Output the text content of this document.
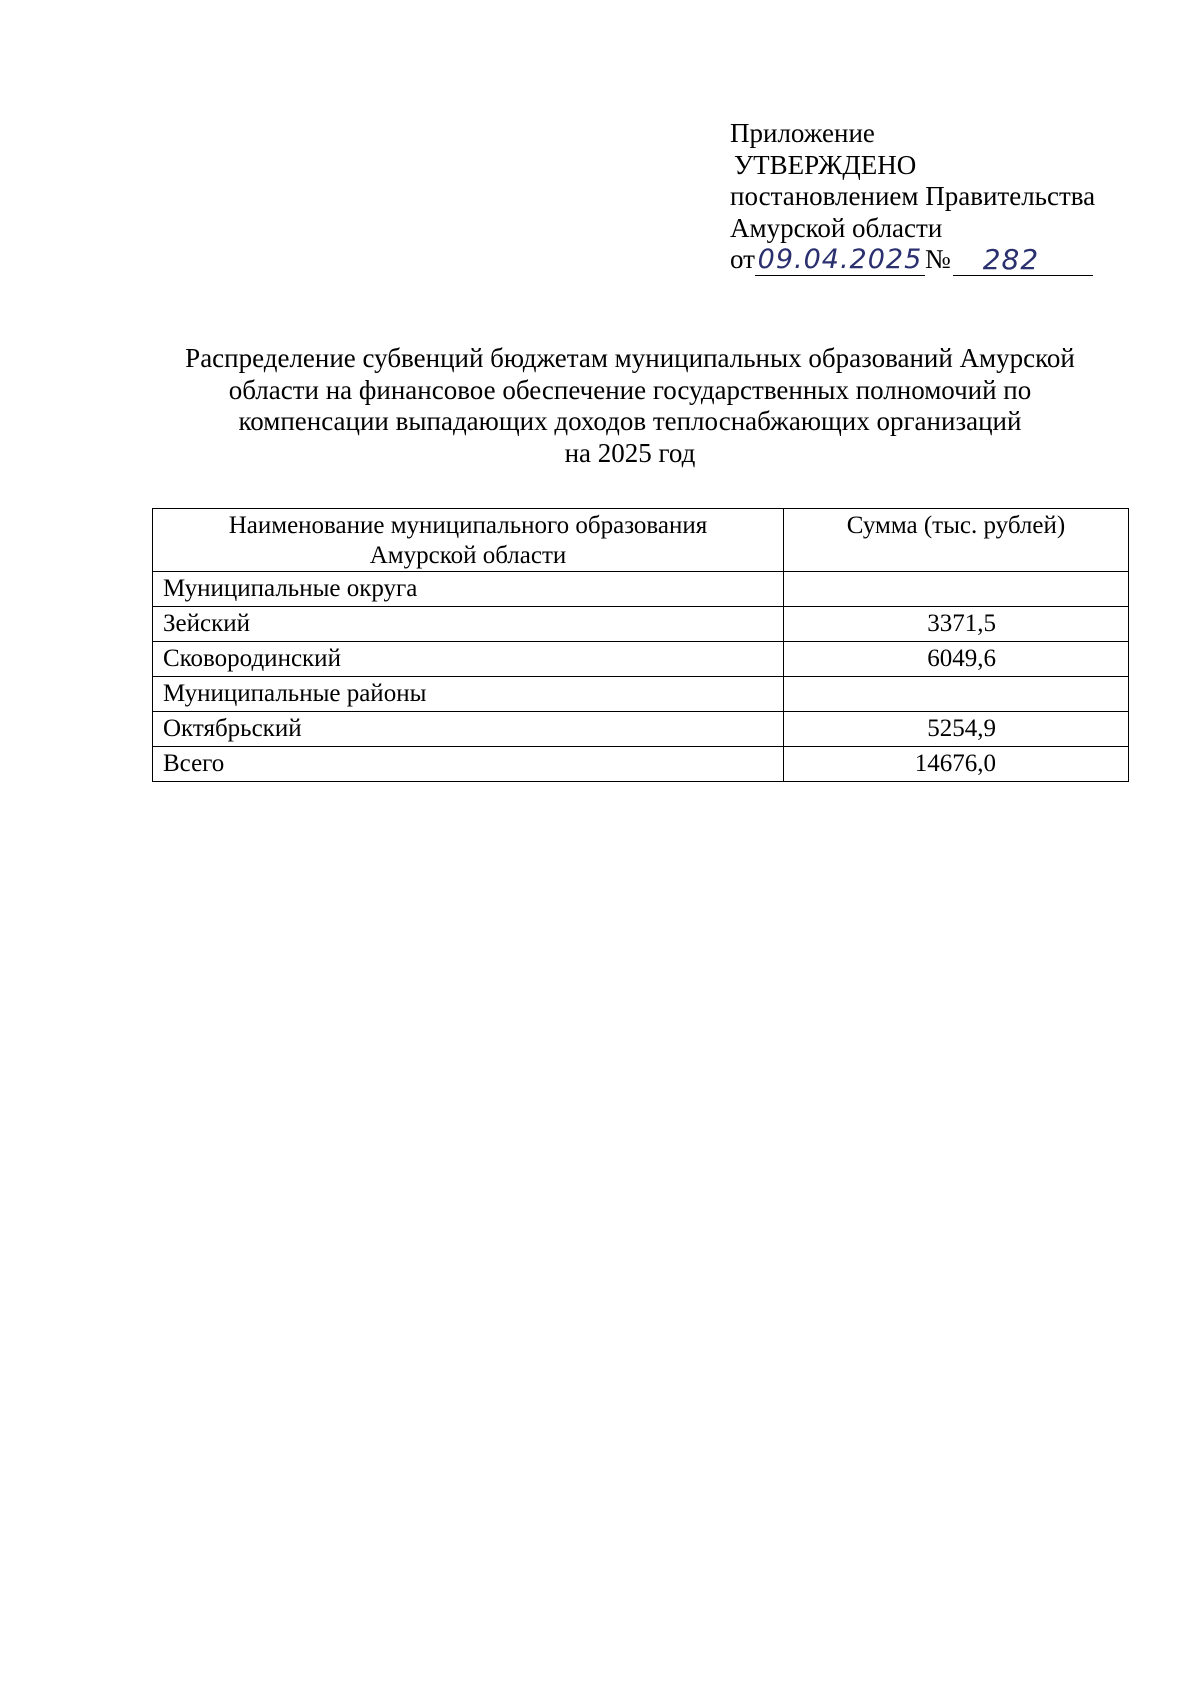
Приложение
УТВЕРЖДЕНО
постановлением Правительства
Амурской области
от 09.04.2025 №	282
Распределение субвенций бюджетам муниципальных образований Амурской
области на финансовое обеспечение государственных полномочий по
компенсации выпадающих доходов теплоснабжающих организаций
на 2025 год
Наименование муниципального образования
Амурской области	Сумма (тыс. рублей)
Муниципальные округа	
Зейский	3371,5
Сковородинский	6049,6
Муниципальные районы	
Октябрьский	5254,9
Всего	14676,0
